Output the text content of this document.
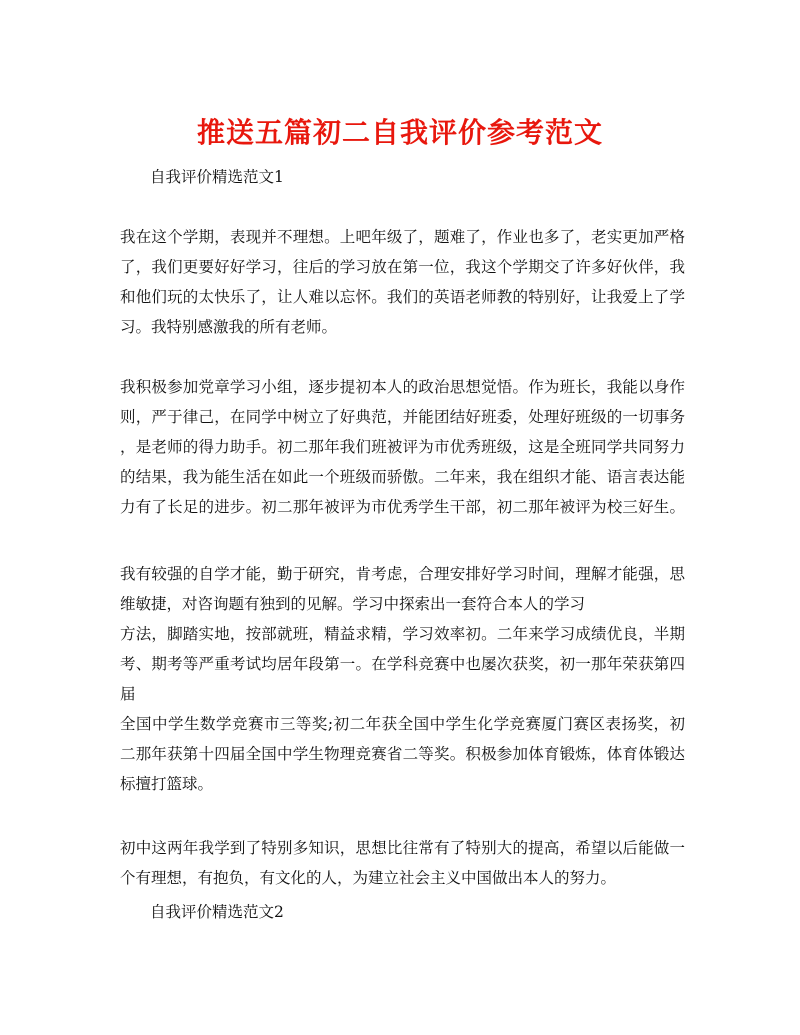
推送五篇初二自我评价参考范文
自我评价精选范文1
我在这个学期，表现并不理想。上吧年级了，题难了，作业也多了，老实更加严格
了，我们更要好好学习，往后的学习放在第一位，我这个学期交了许多好伙伴，我
和他们玩的太快乐了，让人难以忘怀。我们的英语老师教的特别好，让我爱上了学
习。我特别感激我的所有老师。
我积极参加党章学习小组，逐步提初本人的政治思想觉悟。作为班长，我能以身作
则，严于律己，在同学中树立了好典范，并能团结好班委，处理好班级的一切事务
，是老师的得力助手。初二那年我们班被评为市优秀班级，这是全班同学共同努力
的结果，我为能生活在如此一个班级而骄傲。二年来，我在组织才能、语言表达能
力有了长足的进步。初二那年被评为市优秀学生干部，初二那年被评为校三好生。
我有较强的自学才能，勤于研究，肯考虑，合理安排好学习时间，理解才能强，思
维敏捷，对咨询题有独到的见解。学习中探索出一套符合本人的学习
方法，脚踏实地，按部就班，精益求精，学习效率初。二年来学习成绩优良，半期
考、期考等严重考试均居年段第一。在学科竞赛中也屡次获奖，初一那年荣获第四
届
全国中学生数学竞赛市三等奖;初二年获全国中学生化学竞赛厦门赛区表扬奖，初
二那年获第十四届全国中学生物理竞赛省二等奖。积极参加体育锻炼，体育体锻达
标擅打篮球。
初中这两年我学到了特别多知识，思想比往常有了特别大的提高，希望以后能做一
个有理想，有抱负，有文化的人，为建立社会主义中国做出本人的努力。
自我评价精选范文2
